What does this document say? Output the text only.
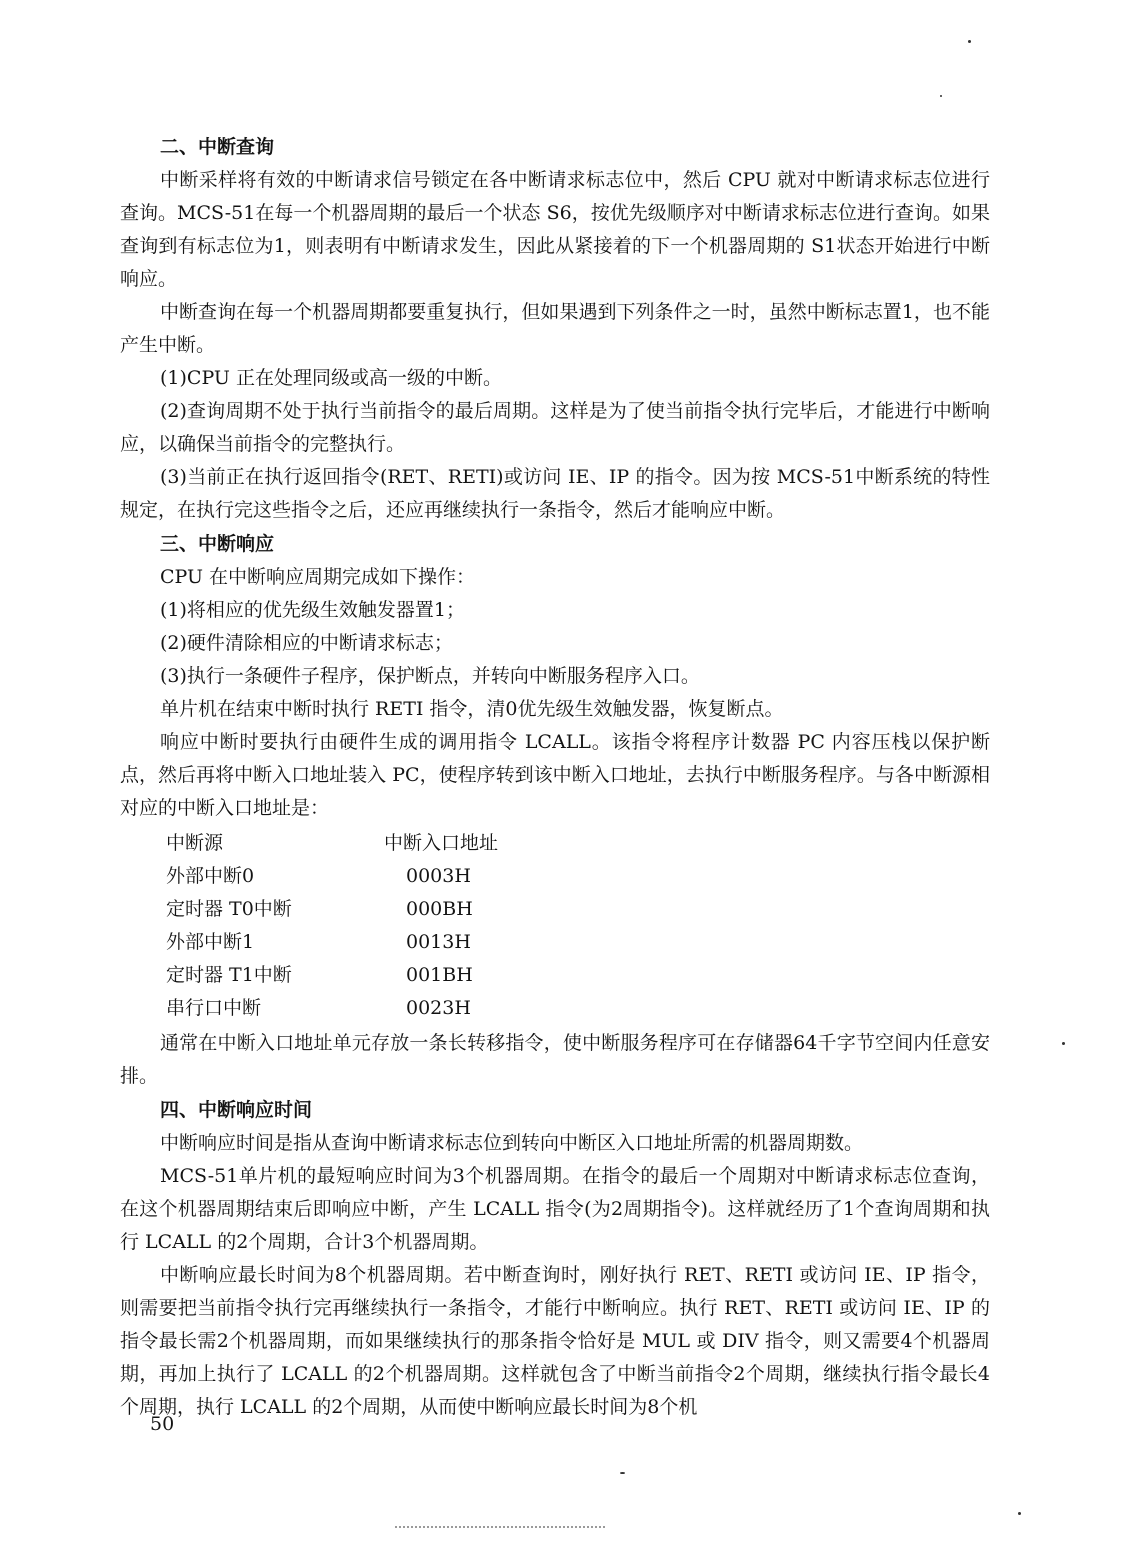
二、中断查询

中断采样将有效的中断请求信号锁定在各中断请求标志位中，然后 CPU 就对中断请求标志位进行查询。MCS-51在每一个机器周期的最后一个状态 S6，按优先级顺序对中断请求标志位进行查询。如果查询到有标志位为1，则表明有中断请求发生，因此从紧接着的下一个机器周期的 S1状态开始进行中断响应。

中断查询在每一个机器周期都要重复执行，但如果遇到下列条件之一时，虽然中断标志置1，也不能产生中断。

(1)CPU 正在处理同级或高一级的中断。

(2)查询周期不处于执行当前指令的最后周期。这样是为了使当前指令执行完毕后，才能进行中断响应，以确保当前指令的完整执行。

(3)当前正在执行返回指令(RET、RETI)或访问 IE、IP 的指令。因为按 MCS-51中断系统的特性规定，在执行完这些指令之后，还应再继续执行一条指令，然后才能响应中断。

三、中断响应

CPU 在中断响应周期完成如下操作：

(1)将相应的优先级生效触发器置1；

(2)硬件清除相应的中断请求标志；

(3)执行一条硬件子程序，保护断点，并转向中断服务程序入口。

单片机在结束中断时执行 RETI 指令，清0优先级生效触发器，恢复断点。

响应中断时要执行由硬件生成的调用指令 LCALL。该指令将程序计数器 PC 内容压栈以保护断点，然后再将中断入口地址装入 PC，使程序转到该中断入口地址，去执行中断服务程序。与各中断源相对应的中断入口地址是：

中断源	中断入口地址
外部中断0	0003H
定时器 T0中断	000BH
外部中断1	0013H
定时器 T1中断	001BH
串行口中断	0023H

通常在中断入口地址单元存放一条长转移指令，使中断服务程序可在存储器64千字节空间内任意安排。

四、中断响应时间

中断响应时间是指从查询中断请求标志位到转向中断区入口地址所需的机器周期数。

MCS-51单片机的最短响应时间为3个机器周期。在指令的最后一个周期对中断请求标志位查询，在这个机器周期结束后即响应中断，产生 LCALL 指令(为2周期指令)。这样就经历了1个查询周期和执行 LCALL 的2个周期，合计3个机器周期。

中断响应最长时间为8个机器周期。若中断查询时，刚好执行 RET、RETI 或访问 IE、IP 指令，则需要把当前指令执行完再继续执行一条指令，才能行中断响应。执行 RET、RETI 或访问 IE、IP 的指令最长需2个机器周期，而如果继续执行的那条指令恰好是 MUL 或 DIV 指令，则又需要4个机器周期，再加上执行了 LCALL 的2个机器周期。这样就包含了中断当前指令2个周期，继续执行指令最长4个周期，执行 LCALL 的2个周期，从而使中断响应最长时间为8个机

50
